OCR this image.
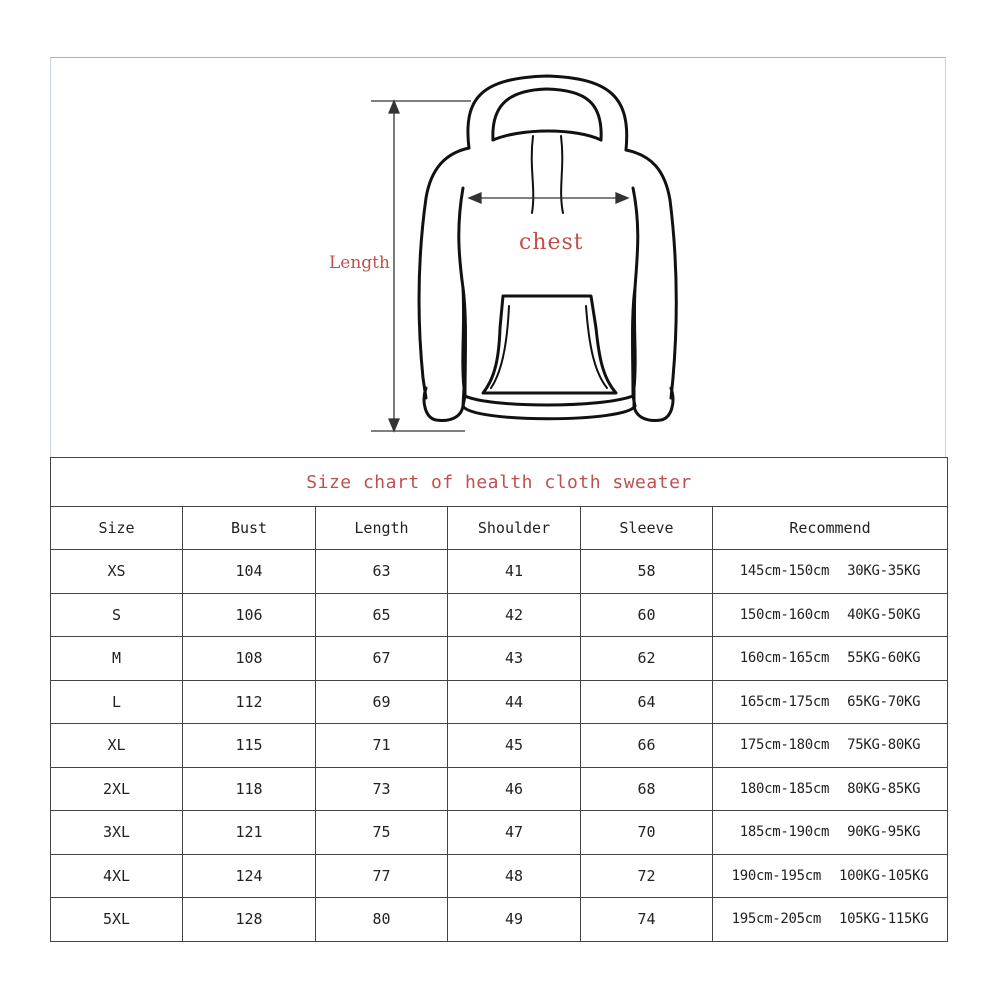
Length
chest
Size chart of health cloth sweater					
Size	Bust	Length	Shoulder	Sleeve	Recommend
XS	104	63	41	58	145cm-150cm 30KG-35KG
S	106	65	42	60	150cm-160cm 40KG-50KG
M	108	67	43	62	160cm-165cm 55KG-60KG
L	112	69	44	64	165cm-175cm 65KG-70KG
XL	115	71	45	66	175cm-180cm 75KG-80KG
2XL	118	73	46	68	180cm-185cm 80KG-85KG
3XL	121	75	47	70	185cm-190cm 90KG-95KG
4XL	124	77	48	72	190cm-195cm 100KG-105KG
5XL	128	80	49	74	195cm-205cm 105KG-115KG
